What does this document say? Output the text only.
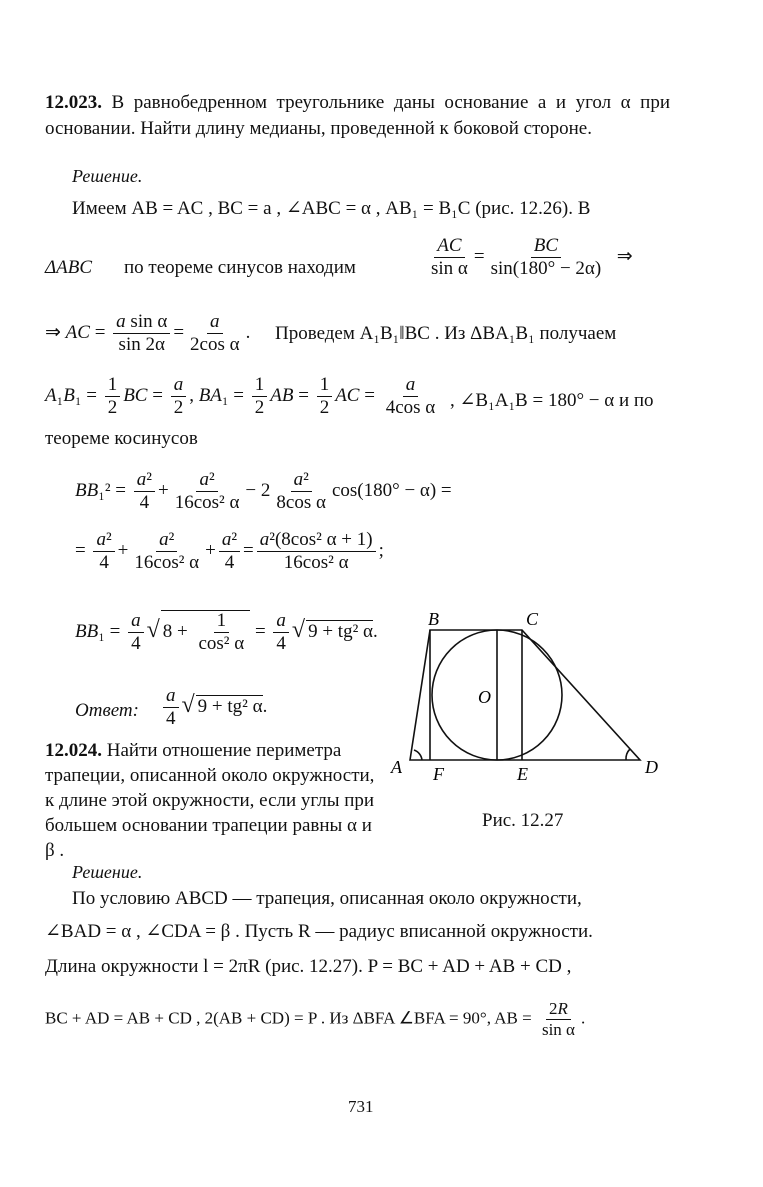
12.023. В равнобедренном треугольнике даны основание a и угол α при основании. Найти длину медианы, проведенной к боковой стороне.
Решение.
Имеем AB = AC , BC = a , ∠ABC = α , AB₁ = B₁C (рис. 12.26). В
ΔABC по теореме синусов находим	$\frac{AC}{\text{sin α}} = \frac{BC}{\sin(180^\circ - 2\alpha)}$ ⇒
⇒ AC = $\frac{\text{a sin α}}{\sin 2\alpha} = \frac{a}{\text{2cos α}}$ . Проведем A₁B₁‖BC . Из ΔBA₁B₁ получаем
$A_1B_1 = \frac{1}{2}$ BC = $\frac{a}{2}$ , $BA_1 = \frac{1}{2}$ AB = $\frac{1}{2}$ AC = $\frac{a}{\text{4cos α}}$ , ∠B₁A₁B = 180° − α и по
теореме косинусов
$BB_1^2 = \frac{\text{a²}}{4} + \frac{\text{a²}}{\text{16cos² α}} - 2 \frac{\text{a²}}{\text{8cos α}} \cos(180^\circ - \alpha)$ =
= $\frac{\text{a²}}{4} + \frac{\text{a²}}{\text{16cos² α}} + \frac{\text{a²}}{4} = \frac{\text{a²(8cos² α + 1)}}{\text{16cos² α}}$ ;
$BB_1 = \frac{a}{4}$ √ $8 + \frac{1}{\text{cos² α}} = \frac{a}{4}$ √ 9 + tg² α.
Ответ: $\frac{a}{4}$ √ 9 + tg² α.
12.024. Найти отношение периметра трапеции, описанной около окружности, к длине этой окружности, если углы при большем основании трапеции равны α и β .
Решение.
По условию ABCD — трапеция, описанная около окружности,
∠BAD = α , ∠CDA = β . Пусть R — радиус вписанной окружности.
Длина окружности l = 2πR (рис. 12.27). P = BC + AD + AB + CD ,
BC + AD = AB + CD , 2(AB + CD) = P . Из ΔBFA ∠BFA = 90°, AB = $\frac{2R}{\text{sin α}}$ .
B	C
A F	E	D
O
Рис. 12.27
731
